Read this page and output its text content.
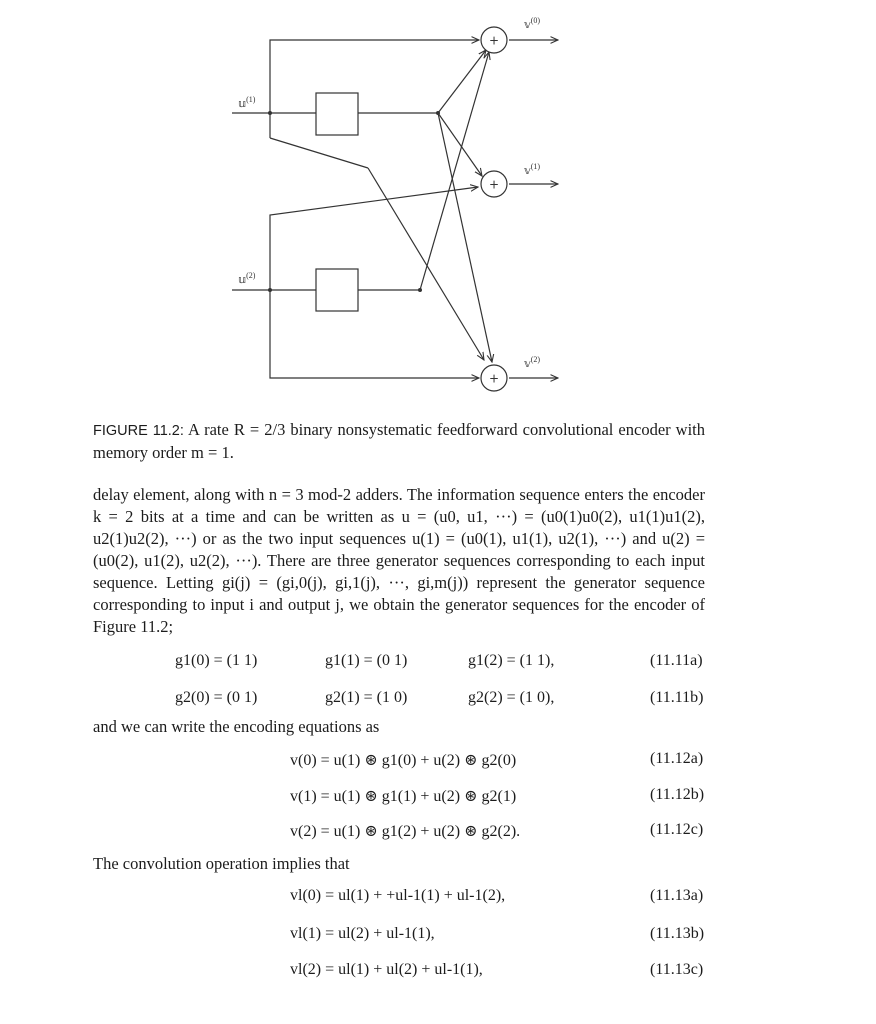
+
+
+
𝕦$^{(1)}$
𝕦$^{(2)}$
𝕧$^{(0)}$
𝕧$^{(1)}$
𝕧$^{(2)}$
FIGURE 11.2: A rate R = 2/3 binary nonsystematic feedforward convolutional encoder with memory order m = 1.

delay element, along with n = 3 mod-2 adders. The information sequence enters the encoder k = 2 bits at a time and can be written as u = (u0, u1, ···) = (u0(1)u0(2), u1(1)u1(2), u2(1)u2(2), ···) or as the two input sequences u(1) = (u0(1), u1(1), u2(1), ···) and u(2) = (u0(2), u1(2), u2(2), ···). There are three generator sequences corresponding to each input sequence. Letting gi(j) = (gi,0(j), gi,1(j), ···, gi,m(j)) represent the generator sequence corresponding to input i and output j, we obtain the generator sequences for the encoder of Figure 11.2;

g1(0) = (1 1)	g1(1) = (0 1)	g1(2) = (1 1),	(11.11a)
g2(0) = (0 1)	g2(1) = (1 0)	g2(2) = (1 0),	(11.11b)
and we can write the encoding equations as
v(0) = u(1) ⊛ g1(0) + u(2) ⊛ g2(0)	(11.12a)
v(1) = u(1) ⊛ g1(1) + u(2) ⊛ g2(1)	(11.12b)
v(2) = u(1) ⊛ g1(2) + u(2) ⊛ g2(2).	(11.12c)
The convolution operation implies that
vl(0) = ul(1) + +ul-1(1) + ul-1(2),	(11.13a)
vl(1) = ul(2) + ul-1(1),	(11.13b)
vl(2) = ul(1) + ul(2) + ul-1(1),	(11.13c)
